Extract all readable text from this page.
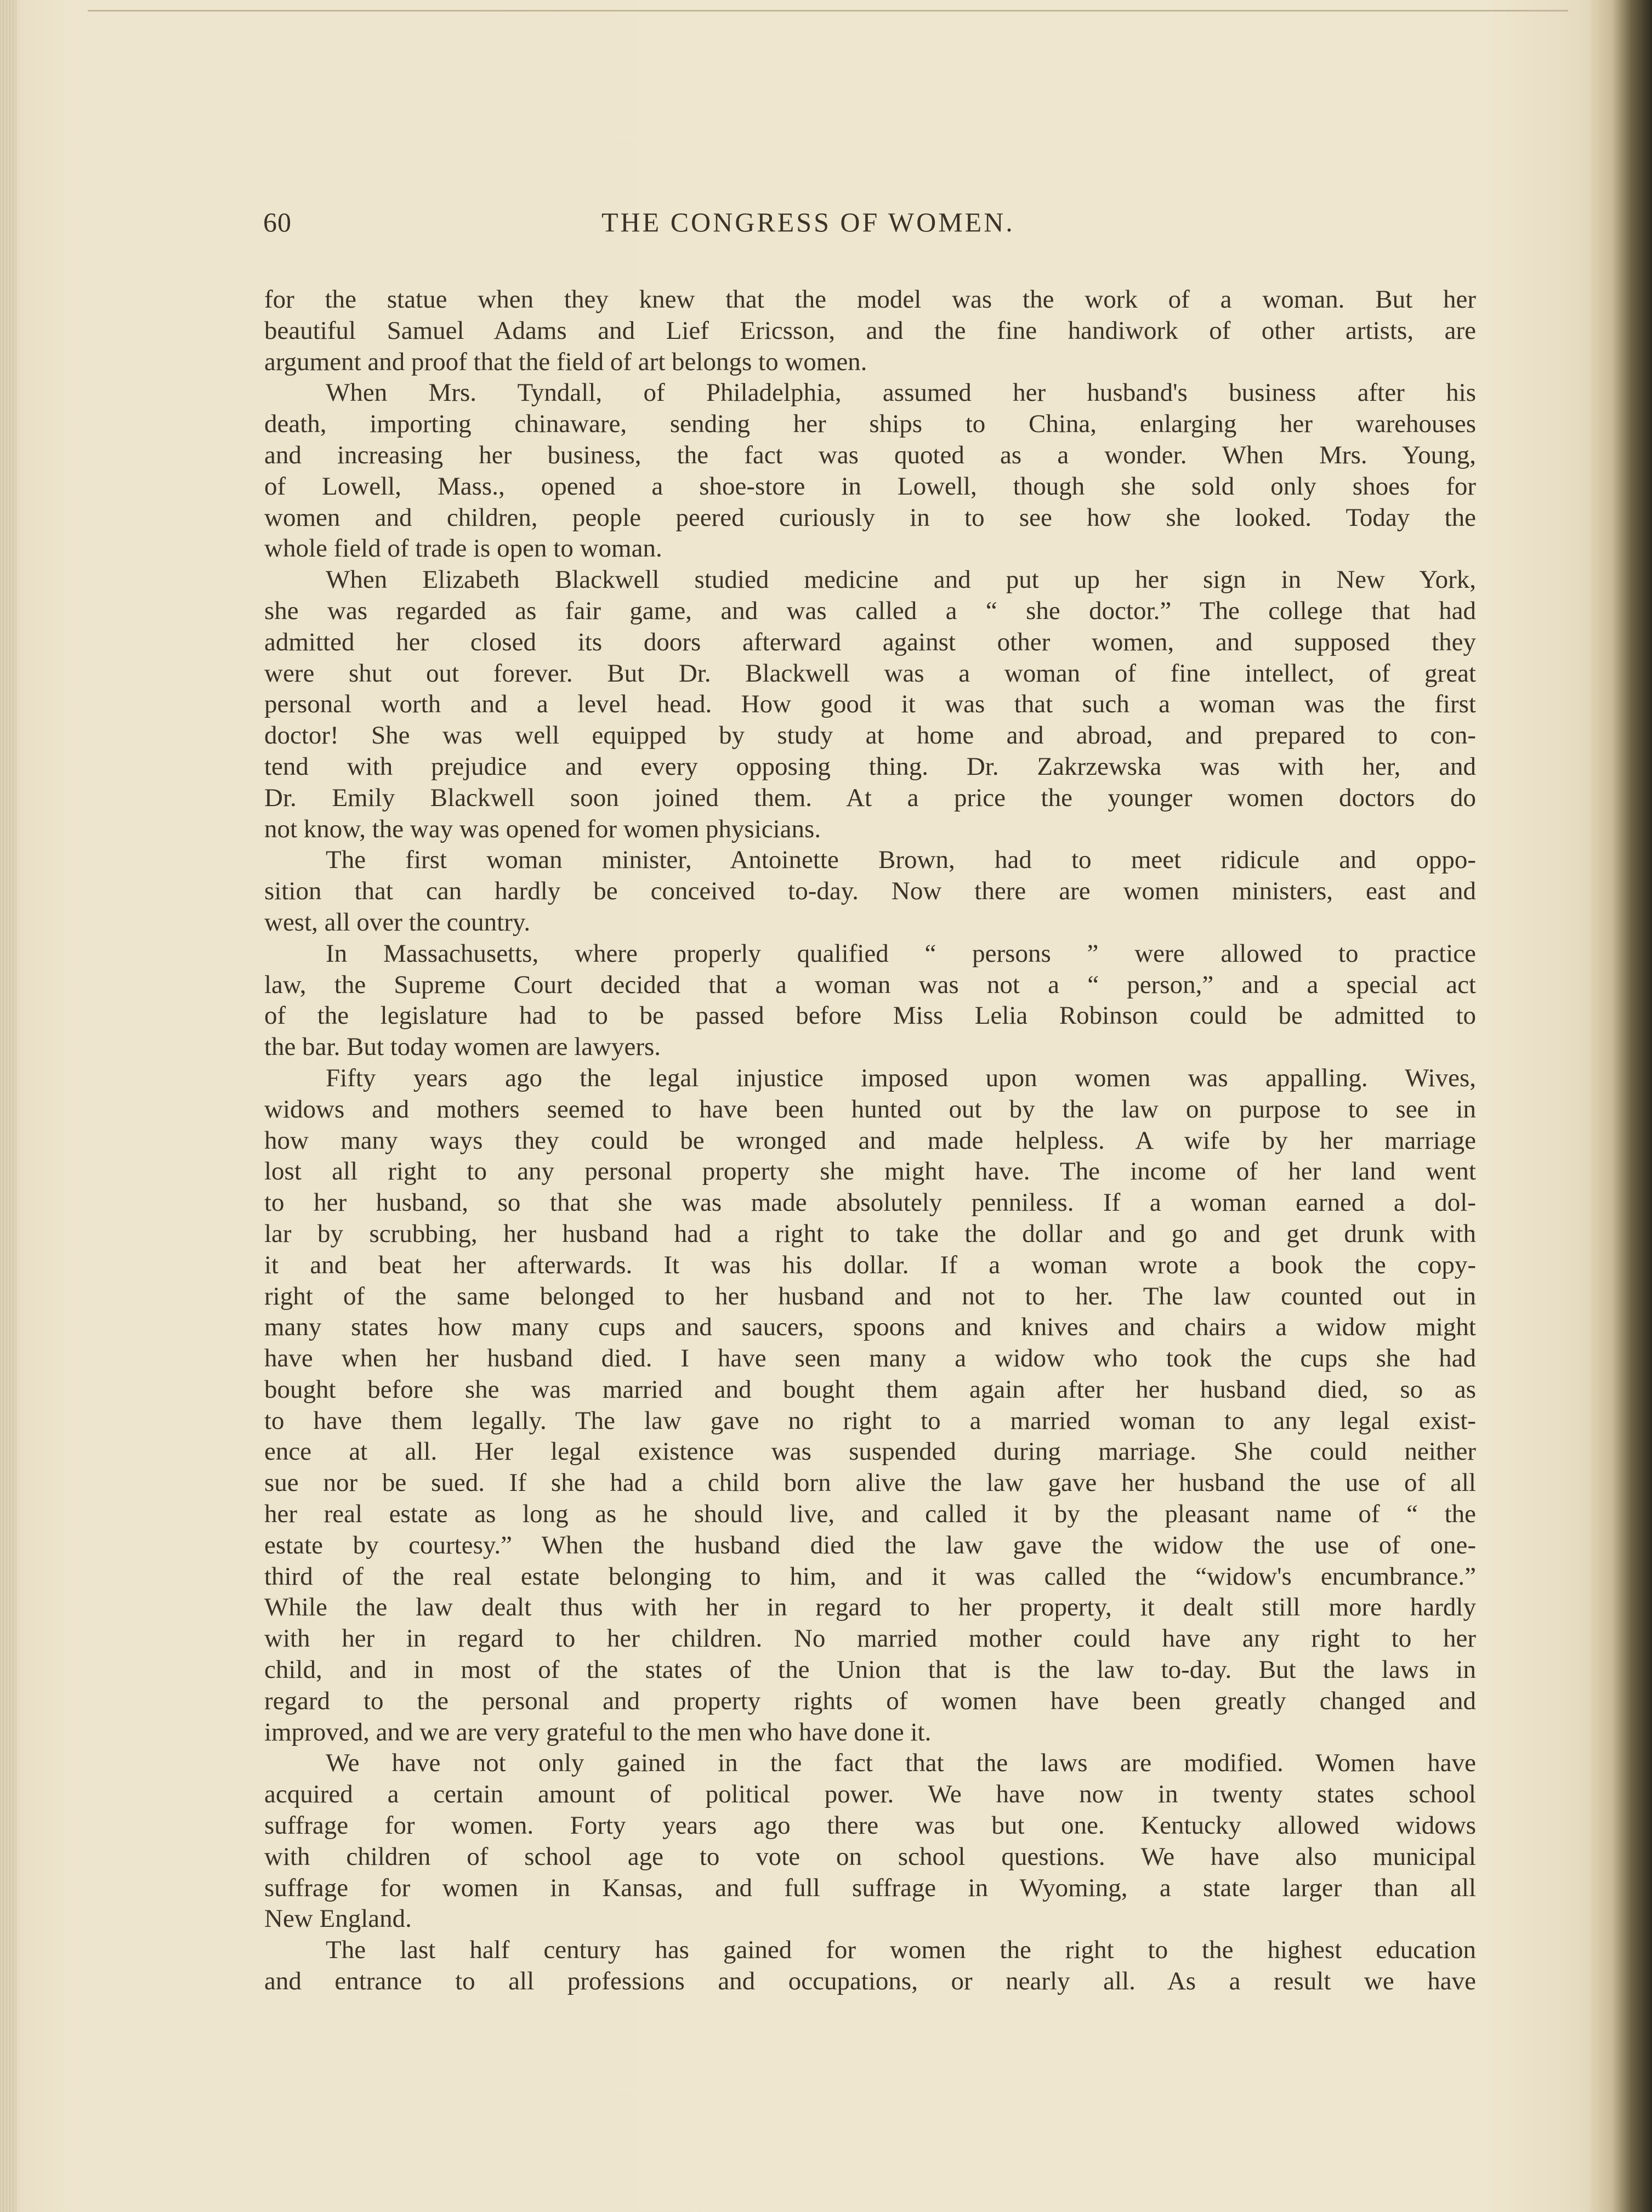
60	THE CONGRESS OF WOMEN.
for the statue when they knew that the model was the work of a woman. But her
beautiful Samuel Adams and Lief Ericsson, and the fine handiwork of other artists, are
argument and proof that the field of art belongs to women.
When Mrs. Tyndall, of Philadelphia, assumed her husband's business after his
death, importing chinaware, sending her ships to China, enlarging her warehouses
and increasing her business, the fact was quoted as a wonder. When Mrs. Young,
of Lowell, Mass., opened a shoe-store in Lowell, though she sold only shoes for
women and children, people peered curiously in to see how she looked. Today the
whole field of trade is open to woman.
When Elizabeth Blackwell studied medicine and put up her sign in New York,
she was regarded as fair game, and was called a “ she doctor.” The college that had
admitted her closed its doors afterward against other women, and supposed they
were shut out forever. But Dr. Blackwell was a woman of fine intellect, of great
personal worth and a level head. How good it was that such a woman was the first
doctor! She was well equipped by study at home and abroad, and prepared to con-
tend with prejudice and every opposing thing. Dr. Zakrzewska was with her, and
Dr. Emily Blackwell soon joined them. At a price the younger women doctors do
not know, the way was opened for women physicians.
The first woman minister, Antoinette Brown, had to meet ridicule and oppo-
sition that can hardly be conceived to-day. Now there are women ministers, east and
west, all over the country.
In Massachusetts, where properly qualified “ persons ” were allowed to practice
law, the Supreme Court decided that a woman was not a “ person,” and a special act
of the legislature had to be passed before Miss Lelia Robinson could be admitted to
the bar. But today women are lawyers.
Fifty years ago the legal injustice imposed upon women was appalling. Wives,
widows and mothers seemed to have been hunted out by the law on purpose to see in
how many ways they could be wronged and made helpless. A wife by her marriage
lost all right to any personal property she might have. The income of her land went
to her husband, so that she was made absolutely penniless. If a woman earned a dol-
lar by scrubbing, her husband had a right to take the dollar and go and get drunk with
it and beat her afterwards. It was his dollar. If a woman wrote a book the copy-
right of the same belonged to her husband and not to her. The law counted out in
many states how many cups and saucers, spoons and knives and chairs a widow might
have when her husband died. I have seen many a widow who took the cups she had
bought before she was married and bought them again after her husband died, so as
to have them legally. The law gave no right to a married woman to any legal exist-
ence at all. Her legal existence was suspended during marriage. She could neither
sue nor be sued. If she had a child born alive the law gave her husband the use of all
her real estate as long as he should live, and called it by the pleasant name of “ the
estate by courtesy.” When the husband died the law gave the widow the use of one-
third of the real estate belonging to him, and it was called the “widow's encumbrance.”
While the law dealt thus with her in regard to her property, it dealt still more hardly
with her in regard to her children. No married mother could have any right to her
child, and in most of the states of the Union that is the law to-day. But the laws in
regard to the personal and property rights of women have been greatly changed and
improved, and we are very grateful to the men who have done it.
We have not only gained in the fact that the laws are modified. Women have
acquired a certain amount of political power. We have now in twenty states school
suffrage for women. Forty years ago there was but one. Kentucky allowed widows
with children of school age to vote on school questions. We have also municipal
suffrage for women in Kansas, and full suffrage in Wyoming, a state larger than all
New England.
The last half century has gained for women the right to the highest education
and entrance to all professions and occupations, or nearly all. As a result we have
